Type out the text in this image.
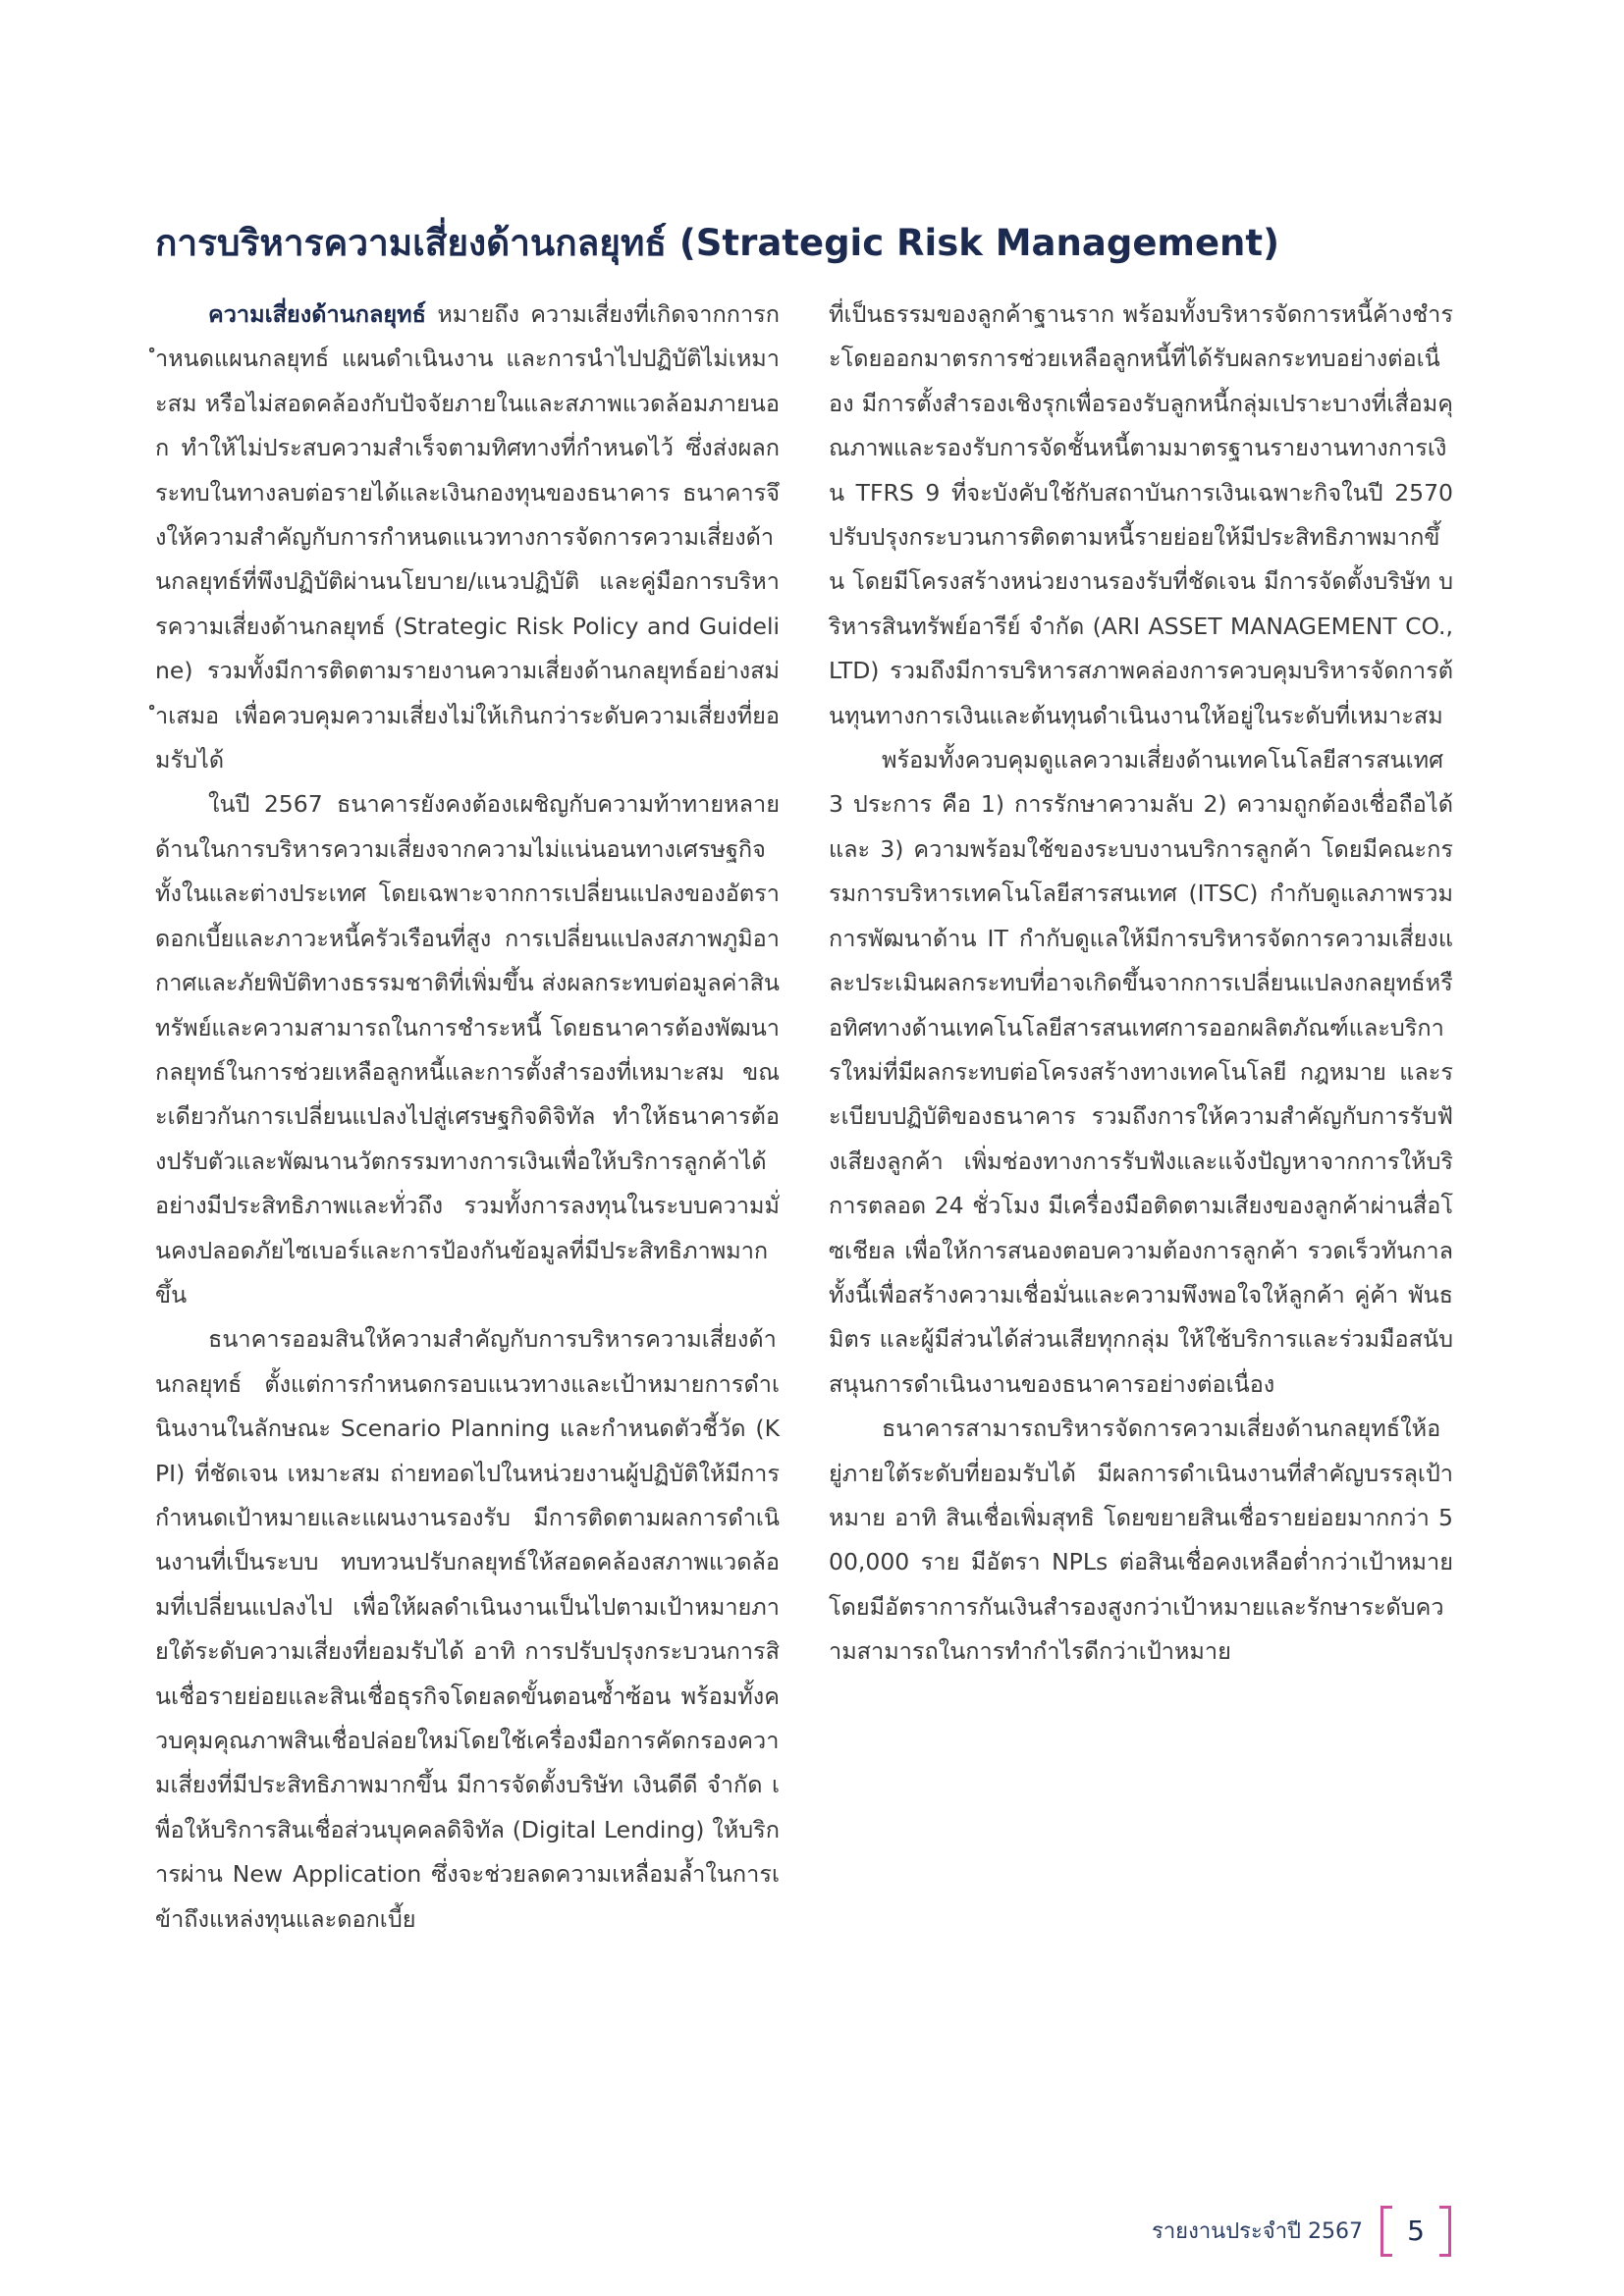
การบริหารความเสี่ยงด้านกลยุทธ์ (Strategic Risk Management)

ความเสี่ยงด้านกลยุทธ์ หมายถึง ความเสี่ยงที่เกิดจากการกำหนดแผนกลยุทธ์ แผนดำเนินงาน และการนำไปปฏิบัติไม่เหมาะสม หรือไม่สอดคล้องกับปัจจัยภายในและสภาพแวดล้อมภายนอก ทำให้ไม่ประสบความสำเร็จตามทิศทางที่กำหนดไว้ ซึ่งส่งผลกระทบในทางลบต่อรายได้และเงินกองทุนของธนาคาร ธนาคารจึงให้ความสำคัญกับการกำหนดแนวทางการจัดการความเสี่ยงด้านกลยุทธ์ที่พึงปฏิบัติผ่านนโยบาย/แนวปฏิบัติ และคู่มือการบริหารความเสี่ยงด้านกลยุทธ์ (Strategic Risk Policy and Guideline) รวมทั้งมีการติดตามรายงานความเสี่ยงด้านกลยุทธ์อย่างสม่ำเสมอ เพื่อควบคุมความเสี่ยงไม่ให้เกินกว่าระดับความเสี่ยงที่ยอมรับได้

ในปี 2567 ธนาคารยังคงต้องเผชิญกับความท้าทายหลายด้านในการบริหารความเสี่ยงจากความไม่แน่นอนทางเศรษฐกิจทั้งในและต่างประเทศ โดยเฉพาะจากการเปลี่ยนแปลงของอัตราดอกเบี้ยและภาวะหนี้ครัวเรือนที่สูง การเปลี่ยนแปลงสภาพภูมิอากาศและภัยพิบัติทางธรรมชาติที่เพิ่มขึ้น ส่งผลกระทบต่อมูลค่าสินทรัพย์และความสามารถในการชำระหนี้ โดยธนาคารต้องพัฒนากลยุทธ์ในการช่วยเหลือลูกหนี้และการตั้งสำรองที่เหมาะสม ขณะเดียวกันการเปลี่ยนแปลงไปสู่เศรษฐกิจดิจิทัล ทำให้ธนาคารต้องปรับตัวและพัฒนานวัตกรรมทางการเงินเพื่อให้บริการลูกค้าได้อย่างมีประสิทธิภาพและทั่วถึง รวมทั้งการลงทุนในระบบความมั่นคงปลอดภัยไซเบอร์และการป้องกันข้อมูลที่มีประสิทธิภาพมากขึ้น

ธนาคารออมสินให้ความสำคัญกับการบริหารความเสี่ยงด้านกลยุทธ์ ตั้งแต่การกำหนดกรอบแนวทางและเป้าหมายการดำเนินงานในลักษณะ Scenario Planning และกำหนดตัวชี้วัด (KPI) ที่ชัดเจน เหมาะสม ถ่ายทอดไปในหน่วยงานผู้ปฏิบัติให้มีการกำหนดเป้าหมายและแผนงานรองรับ มีการติดตามผลการดำเนินงานที่เป็นระบบ ทบทวนปรับกลยุทธ์ให้สอดคล้องสภาพแวดล้อมที่เปลี่ยนแปลงไป เพื่อให้ผลดำเนินงานเป็นไปตามเป้าหมายภายใต้ระดับความเสี่ยงที่ยอมรับได้ อาทิ การปรับปรุงกระบวนการสินเชื่อรายย่อยและสินเชื่อธุรกิจโดยลดขั้นตอนซ้ำซ้อน พร้อมทั้งควบคุมคุณภาพสินเชื่อปล่อยใหม่โดยใช้เครื่องมือการคัดกรองความเสี่ยงที่มีประสิทธิภาพมากขึ้น มีการจัดตั้งบริษัท เงินดีดี จำกัด เพื่อให้บริการสินเชื่อส่วนบุคคลดิจิทัล (Digital Lending) ให้บริการผ่าน New Application ซึ่งจะช่วยลดความเหลื่อมล้ำในการเข้าถึงแหล่งทุนและดอกเบี้ย

ที่เป็นธรรมของลูกค้าฐานราก พร้อมทั้งบริหารจัดการหนี้ค้างชำระโดยออกมาตรการช่วยเหลือลูกหนี้ที่ได้รับผลกระทบอย่างต่อเนื่อง มีการตั้งสำรองเชิงรุกเพื่อรองรับลูกหนี้กลุ่มเปราะบางที่เสื่อมคุณภาพและรองรับการจัดชั้นหนี้ตามมาตรฐานรายงานทางการเงิน TFRS 9 ที่จะบังคับใช้กับสถาบันการเงินเฉพาะกิจในปี 2570 ปรับปรุงกระบวนการติดตามหนี้รายย่อยให้มีประสิทธิภาพมากขึ้น โดยมีโครงสร้างหน่วยงานรองรับที่ชัดเจน มีการจัดตั้งบริษัท บริหารสินทรัพย์อารีย์ จำกัด (ARI ASSET MANAGEMENT CO., LTD) รวมถึงมีการบริหารสภาพคล่องการควบคุมบริหารจัดการต้นทุนทางการเงินและต้นทุนดำเนินงานให้อยู่ในระดับที่เหมาะสม

พร้อมทั้งควบคุมดูแลความเสี่ยงด้านเทคโนโลยีสารสนเทศ 3 ประการ คือ 1) การรักษาความลับ 2) ความถูกต้องเชื่อถือได้ และ 3) ความพร้อมใช้ของระบบงานบริการลูกค้า โดยมีคณะกรรมการบริหารเทคโนโลยีสารสนเทศ (ITSC) กำกับดูแลภาพรวมการพัฒนาด้าน IT กำกับดูแลให้มีการบริหารจัดการความเสี่ยงและประเมินผลกระทบที่อาจเกิดขึ้นจากการเปลี่ยนแปลงกลยุทธ์หรือทิศทางด้านเทคโนโลยีสารสนเทศการออกผลิตภัณฑ์และบริการใหม่ที่มีผลกระทบต่อโครงสร้างทางเทคโนโลยี กฎหมาย และระเบียบปฏิบัติของธนาคาร รวมถึงการให้ความสำคัญกับการรับฟังเสียงลูกค้า เพิ่มช่องทางการรับฟังและแจ้งปัญหาจากการให้บริการตลอด 24 ชั่วโมง มีเครื่องมือติดตามเสียงของลูกค้าผ่านสื่อโซเชียล เพื่อให้การสนองตอบความต้องการลูกค้า รวดเร็วทันกาล ทั้งนี้เพื่อสร้างความเชื่อมั่นและความพึงพอใจให้ลูกค้า คู่ค้า พันธมิตร และผู้มีส่วนได้ส่วนเสียทุกกลุ่ม ให้ใช้บริการและร่วมมือสนับสนุนการดำเนินงานของธนาคารอย่างต่อเนื่อง

ธนาคารสามารถบริหารจัดการความเสี่ยงด้านกลยุทธ์ให้อยู่ภายใต้ระดับที่ยอมรับได้ มีผลการดำเนินงานที่สำคัญบรรลุเป้าหมาย อาทิ สินเชื่อเพิ่มสุทธิ โดยขยายสินเชื่อรายย่อยมากกว่า 500,000 ราย มีอัตรา NPLs ต่อสินเชื่อคงเหลือต่ำกว่าเป้าหมาย โดยมีอัตราการกันเงินสำรองสูงกว่าเป้าหมายและรักษาระดับความสามารถในการทำกำไรดีกว่าเป้าหมาย

รายงานประจำปี 2567 5
